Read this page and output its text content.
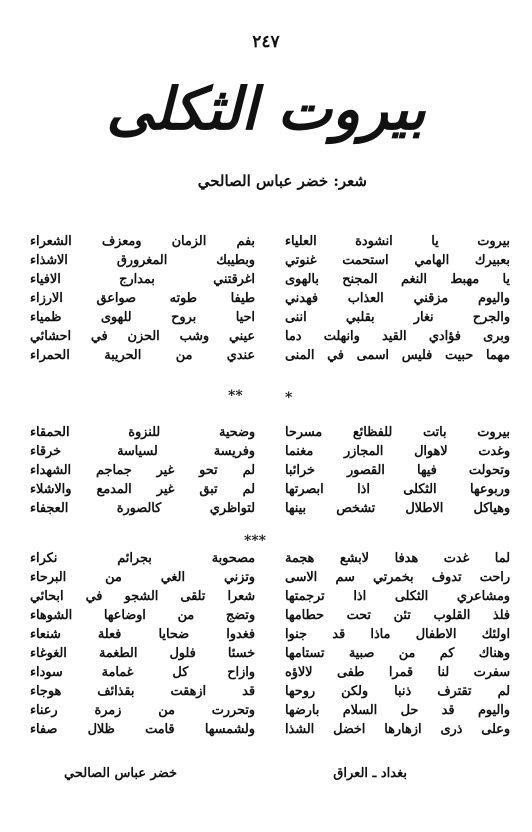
٢٤٧
بيروت الثكلى
شعر: خضر عباس الصالحي
بيروت يا انشودة العلياء
بعبيرك الهامي استحمت غنوتي
يا مهبط النغم المجنح بالهوى
واليوم مزقني العذاب فهدني
والجرح نغار بقلبي اننى
وبرى فؤادي القيد وانهلت دما
مهما حبيت فليس اسمى في المنى
بفم الزمان ومعزف الشعراء
وبطيبك المغرورق الاشذاء
اغرقتني بمدارج الافياء
طيفا طوته صواعق الارزاء
احيا بروح للهوى ظمياء
عيني وشب الحزن في احشائي
عندي من الحريبة الحمراء
*
**
بيروت باتت للفظائع مسرحا
وغدت لاهوال المجازر مغنما
وتحولت فيها القصور خرائبا
وربوعها الثكلى اذا ابصرتها
وهياكل الاطلال تشخص بينها
وضحية للنزوة الحمقاء
وفريسة لسياسة خرقاء
لم تحو غير جماجم الشهداء
لم تبق غير المدمع والاشلاء
لتواظري كالصورة العجفاء
***
لما غدت هدفا لابشع هجمة
راحت تدوف بخمرتي سم الاسى
ومشاعري الثكلى اذا ترجمتها
فلذ القلوب تئن تحت حطامها
اولئك الاطفال ماذا قد جنوا
وهناك كم من صبية تستامها
سفرت لنا قمرا طفى لالاؤه
لم تقترف ذنبا ولكن روحها
واليوم قد حل السلام بارضها
وعلى ذرى ازهارها اخضل الشذا
مصحوبة بجرائم نكراء
وتزني الغي من البرحاء
شعرا تلقى الشجو في ابحائي
وتضج من اوضاعها الشوهاء
فغدوا ضحايا فعلة شنعاء
خسئا فلول الطغمة الغوغاء
وازاح كل غمامة سوداء
قد ازهقت بقذائف هوجاء
وتحررت من زمرة رعناء
ولشمسها قامت ظلال صفاء
بغداد ـ العراق
خضر عباس الصالحي
